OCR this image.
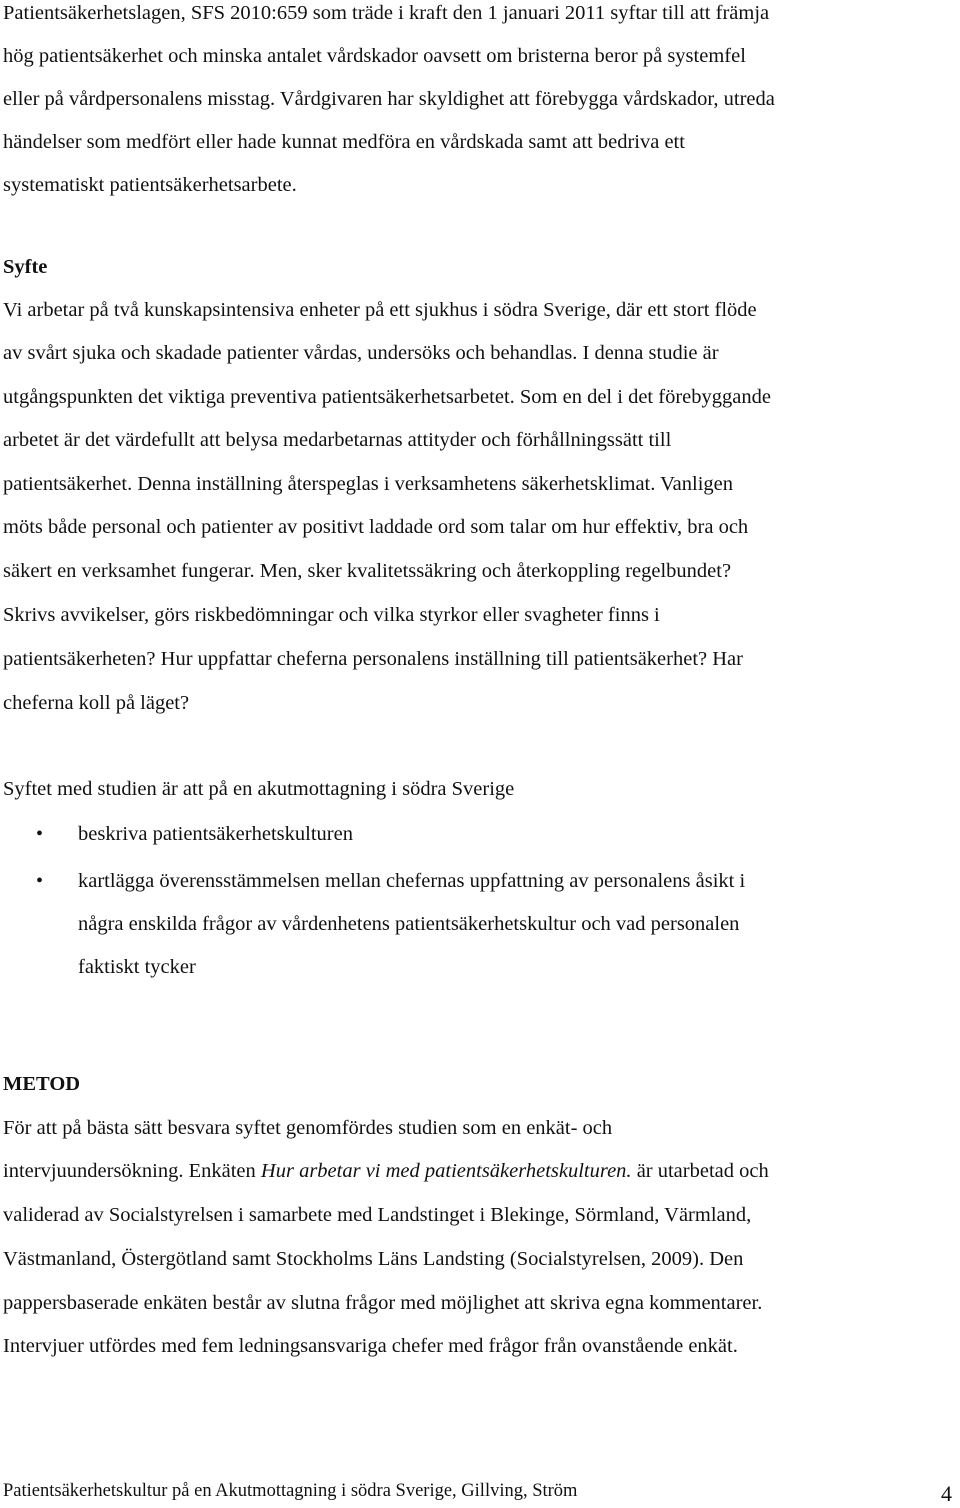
Patientsäkerhetslagen, SFS 2010:659 som träde i kraft den 1 januari 2011 syftar till att främja
hög patientsäkerhet och minska antalet vårdskador oavsett om bristerna beror på systemfel
eller på vårdpersonalens misstag. Vårdgivaren har skyldighet att förebygga vårdskador, utreda
händelser som medfört eller hade kunnat medföra en vårdskada samt att bedriva ett
systematiskt patientsäkerhetsarbete.
Syfte
Vi arbetar på två kunskapsintensiva enheter på ett sjukhus i södra Sverige, där ett stort flöde
av svårt sjuka och skadade patienter vårdas, undersöks och behandlas. I denna studie är
utgångspunkten det viktiga preventiva patientsäkerhetsarbetet. Som en del i det förebyggande
arbetet är det värdefullt att belysa medarbetarnas attityder och förhållningssätt till
patientsäkerhet. Denna inställning återspeglas i verksamhetens säkerhetsklimat. Vanligen
möts både personal och patienter av positivt laddade ord som talar om hur effektiv, bra och
säkert en verksamhet fungerar. Men, sker kvalitetssäkring och återkoppling regelbundet?
Skrivs avvikelser, görs riskbedömningar och vilka styrkor eller svagheter finns i
patientsäkerheten? Hur uppfattar cheferna personalens inställning till patientsäkerhet? Har
cheferna koll på läget?
Syftet med studien är att på en akutmottagning i södra Sverige
• beskriva patientsäkerhetskulturen
• kartlägga överensstämmelsen mellan chefernas uppfattning av personalens åsikt i
några enskilda frågor av vårdenhetens patientsäkerhetskultur och vad personalen
faktiskt tycker
METOD
För att på bästa sätt besvara syftet genomfördes studien som en enkät- och
intervjuundersökning. Enkäten Hur arbetar vi med patientsäkerhetskulturen. är utarbetad och
validerad av Socialstyrelsen i samarbete med Landstinget i Blekinge, Sörmland, Värmland,
Västmanland, Östergötland samt Stockholms Läns Landsting (Socialstyrelsen, 2009). Den
pappersbaserade enkäten består av slutna frågor med möjlighet att skriva egna kommentarer.
Intervjuer utfördes med fem ledningsansvariga chefer med frågor från ovanstående enkät.
Patientsäkerhetskultur på en Akutmottagning i södra Sverige, Gillving, Ström	4
